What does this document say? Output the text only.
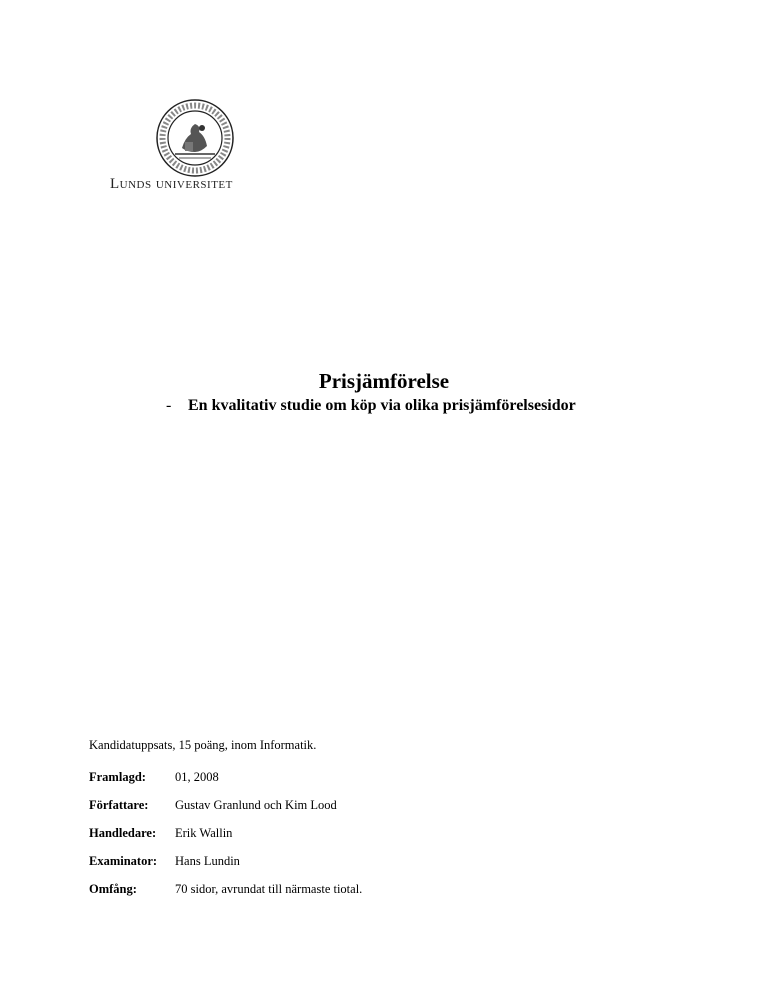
Lunds universitet
Prisjämförelse
- En kvalitativ studie om köp via olika prisjämförelsesidor
Kandidatuppsats, 15 poäng, inom Informatik.
Framlagd: 01, 2008
Författare: Gustav Granlund och Kim Lood
Handledare: Erik Wallin
Examinator: Hans Lundin
Omfång:	70 sidor, avrundat till närmaste tiotal.
